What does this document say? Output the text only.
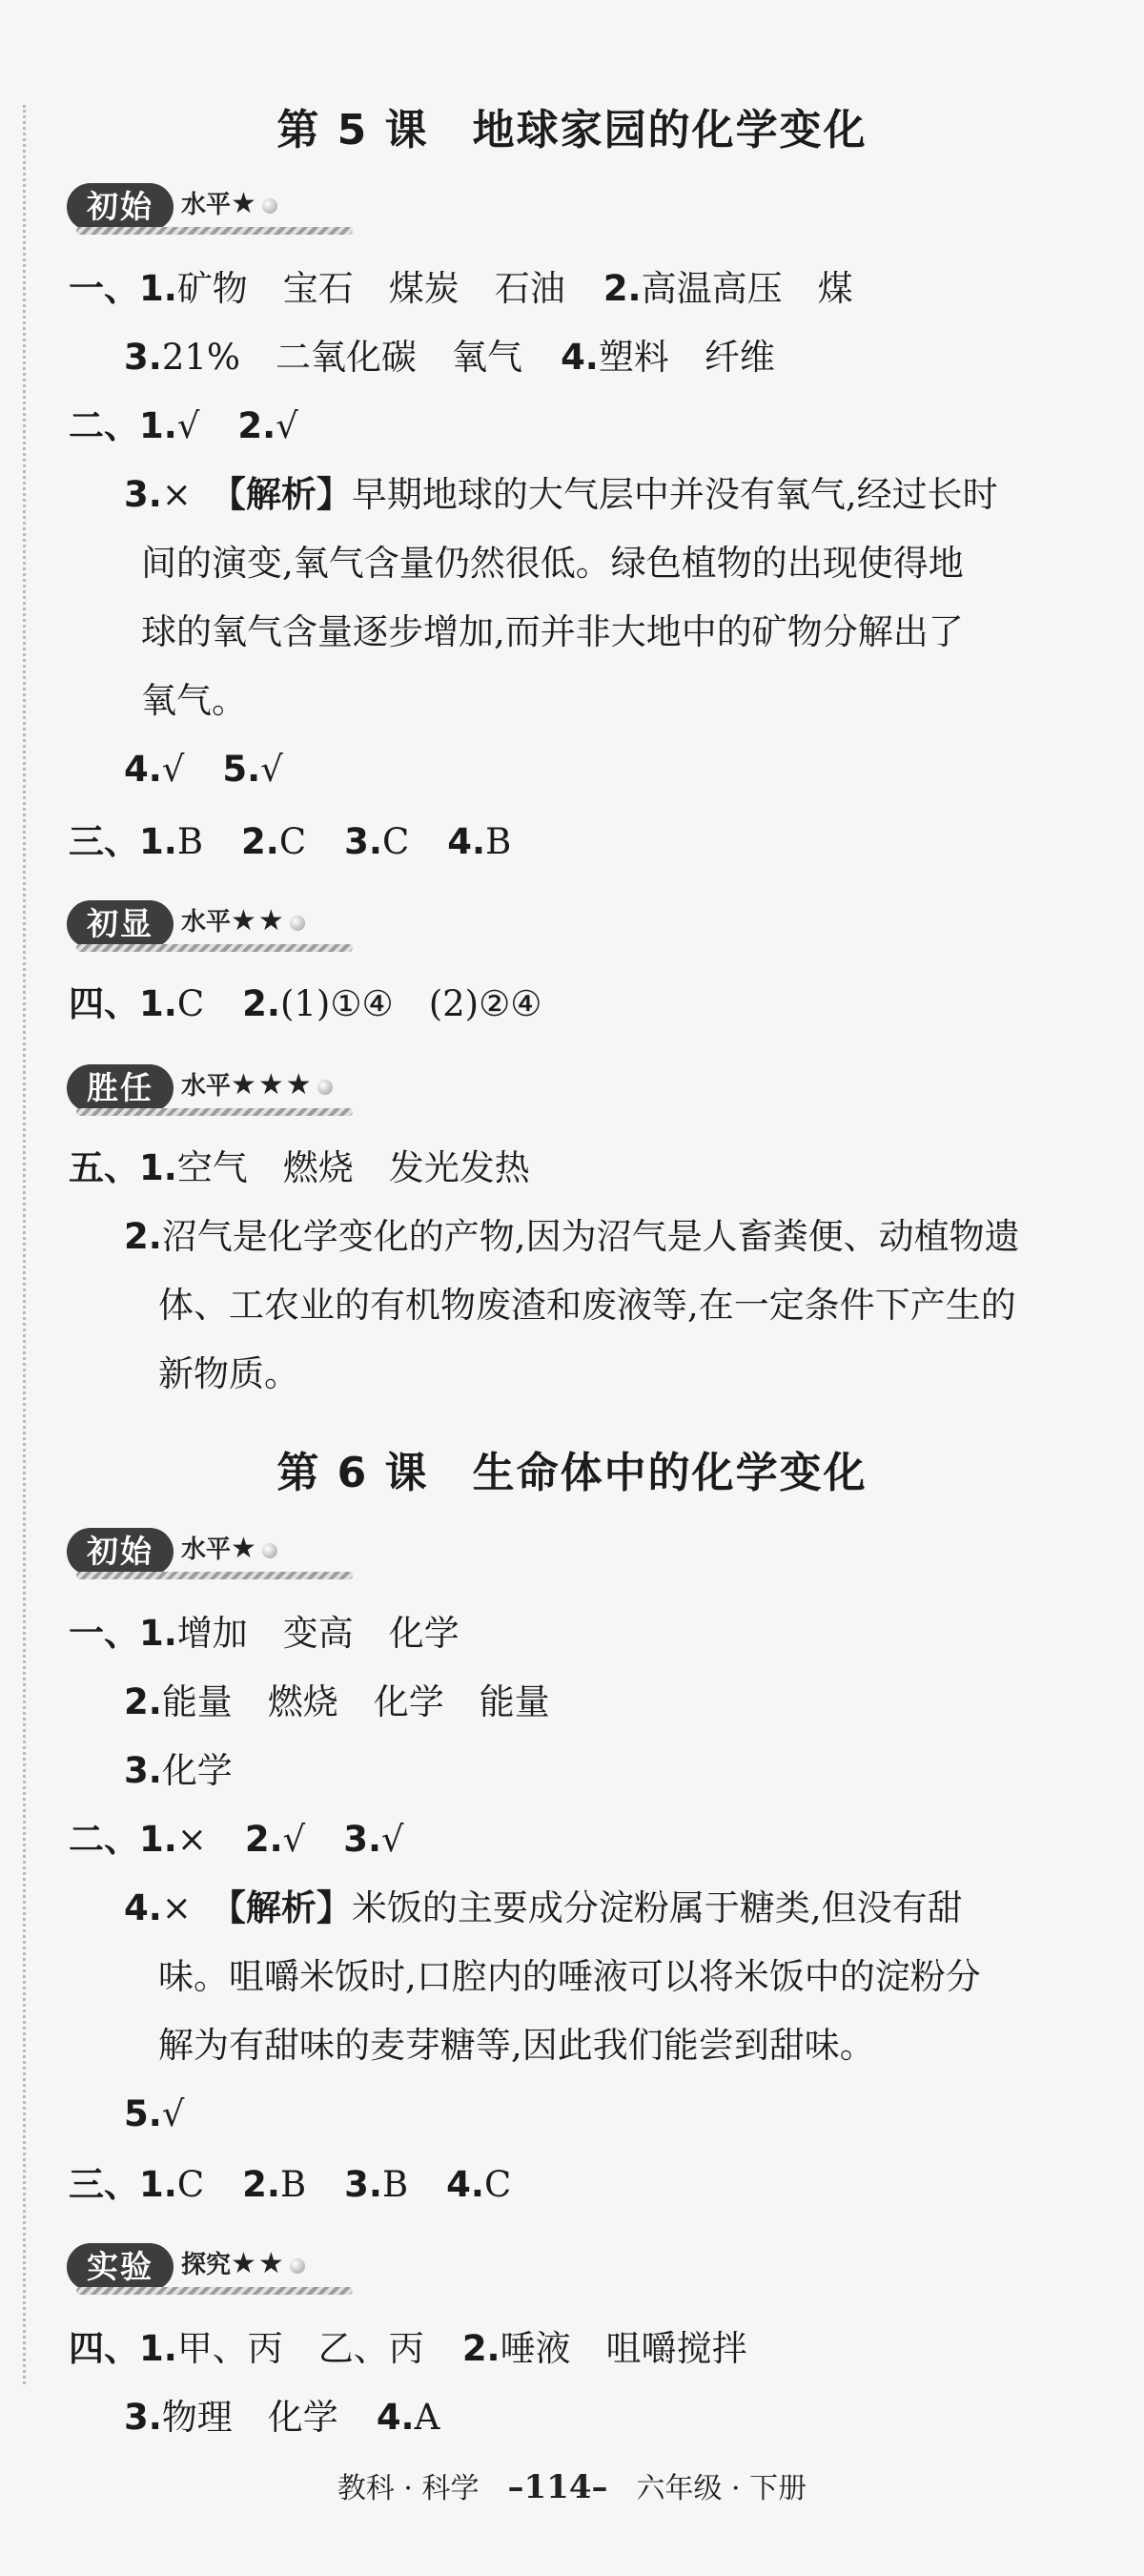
第 5 课　地球家园的化学变化
初始	水平★
一、1.矿物　宝石　煤炭　石油 2.高温高压　煤
3.21%　二氧化碳　氧气 4.塑料　纤维
二、1.√ 2.√
3.× 【解析】早期地球的大气层中并没有氧气,经过长时
间的演变,氧气含量仍然很低。绿色植物的出现使得地
球的氧气含量逐步增加,而并非大地中的矿物分解出了
氧气。
4.√ 5.√
三、1.B 2.C 3.C 4.B
初显	水平★★
四、1.C 2.(1)①④　(2)②④
胜任	水平★★★
五、1.空气　燃烧　发光发热
2.沼气是化学变化的产物,因为沼气是人畜粪便、动植物遗
体、工农业的有机物废渣和废液等,在一定条件下产生的
新物质。
第 6 课　生命体中的化学变化
初始	水平★
一、1.增加　变高　化学
2.能量　燃烧　化学　能量
3.化学
二、1.× 2.√ 3.√
4.× 【解析】米饭的主要成分淀粉属于糖类,但没有甜
味。咀嚼米饭时,口腔内的唾液可以将米饭中的淀粉分
解为有甜味的麦芽糖等,因此我们能尝到甜味。
5.√
三、1.C 2.B 3.B 4.C
实验	探究★★
四、1.甲、丙　乙、丙 2.唾液　咀嚼搅拌
3.物理　化学 4.A
教科 · 科学 –114– 六年级 · 下册
